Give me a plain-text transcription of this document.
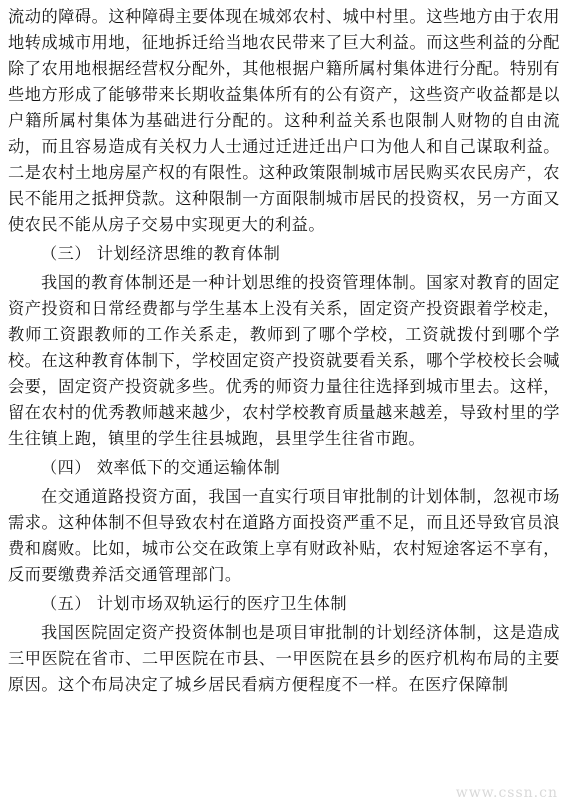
流动的障碍。这种障碍主要体现在城郊农村、城中村里。这些地方由于农用地转成城市用地，征地拆迁给当地农民带来了巨大利益。而这些利益的分配除了农用地根据经营权分配外，其他根据户籍所属村集体进行分配。特别有些地方形成了能够带来长期收益集体所有的公有资产，这些资产收益都是以户籍所属村集体为基础进行分配的。这种利益关系也限制人财物的自由流动，而且容易造成有关权力人士通过迁进迁出户口为他人和自己谋取利益。二是农村土地房屋产权的有限性。这种政策限制城市居民购买农民房产，农民不能用之抵押贷款。这种限制一方面限制城市居民的投资权，另一方面又使农民不能从房子交易中实现更大的利益。

（三） 计划经济思维的教育体制

我国的教育体制还是一种计划思维的投资管理体制。国家对教育的固定资产投资和日常经费都与学生基本上没有关系，固定资产投资跟着学校走，教师工资跟教师的工作关系走，教师到了哪个学校，工资就拨付到哪个学校。在这种教育体制下，学校固定资产投资就要看关系，哪个学校校长会喊会要，固定资产投资就多些。优秀的师资力量往往选择到城市里去。这样，留在农村的优秀教师越来越少，农村学校教育质量越来越差，导致村里的学生往镇上跑，镇里的学生往县城跑，县里学生往省市跑。

（四） 效率低下的交通运输体制

在交通道路投资方面，我国一直实行项目审批制的计划体制，忽视市场需求。这种体制不但导致农村在道路方面投资严重不足，而且还导致官员浪费和腐败。比如，城市公交在政策上享有财政补贴，农村短途客运不享有，反而要缴费养活交通管理部门。

（五） 计划市场双轨运行的医疗卫生体制

我国医院固定资产投资体制也是项目审批制的计划经济体制，这是造成三甲医院在省市、二甲医院在市县、一甲医院在县乡的医疗机构布局的主要原因。这个布局决定了城乡居民看病方便程度不一样。在医疗保障制

www.cssn.cn
